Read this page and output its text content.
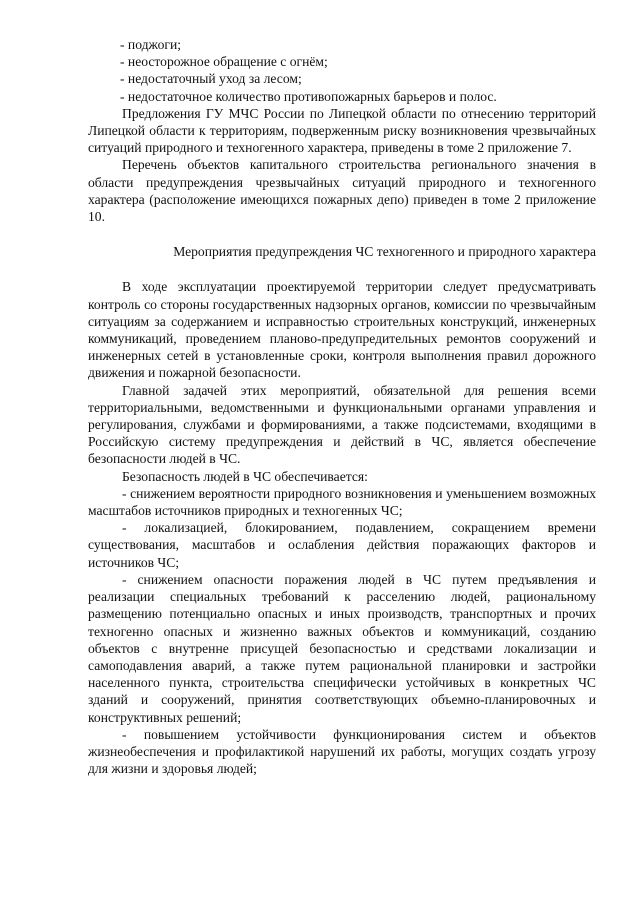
- поджоги;

- неосторожное обращение с огнём;

- недостаточный уход за лесом;

- недостаточное количество противопожарных барьеров и полос.

Предложения ГУ МЧС России по Липецкой области по отнесению территорий Липецкой области к территориям, подверженным риску возникновения чрезвычайных ситуаций природного и техногенного характера, приведены в томе 2 приложение 7.

Перечень объектов капитального строительства регионального значения в области предупреждения чрезвычайных ситуаций природного и техногенного характера (расположение имеющихся пожарных депо) приведен в томе 2 приложение 10.

Мероприятия предупреждения ЧС техногенного и природного характера

В ходе эксплуатации проектируемой территории следует предусматривать контроль со стороны государственных надзорных органов, комиссии по чрезвычайным ситуациям за содержанием и исправностью строительных конструкций, инженерных коммуникаций, проведением планово-предупредительных ремонтов сооружений и инженерных сетей в установленные сроки, контроля выполнения правил дорожного движения и пожарной безопасности.

Главной задачей этих мероприятий, обязательной для решения всеми территориальными, ведомственными и функциональными органами управления и регулирования, службами и формированиями, а также подсистемами, входящими в Российскую систему предупреждения и действий в ЧС, является обеспечение безопасности людей в ЧС.

Безопасность людей в ЧС обеспечивается:

- снижением вероятности природного возникновения и уменьшением возможных масштабов источников природных и техногенных ЧС;

- локализацией, блокированием, подавлением, сокращением времени существования, масштабов и ослабления действия поражающих факторов и источников ЧС;

- снижением опасности поражения людей в ЧС путем предъявления и реализации специальных требований к расселению людей, рациональному размещению потенциально опасных и иных производств, транспортных и прочих техногенно опасных и жизненно важных объектов и коммуникаций, созданию объектов с внутренне присущей безопасностью и средствами локализации и самоподавления аварий, а также путем рациональной планировки и застройки населенного пункта, строительства специфически устойчивых в конкретных ЧС зданий и сооружений, принятия соответствующих объемно-планировочных и конструктивных решений;

- повышением устойчивости функционирования систем и объектов жизнеобеспечения и профилактикой нарушений их работы, могущих создать угрозу для жизни и здоровья людей;
